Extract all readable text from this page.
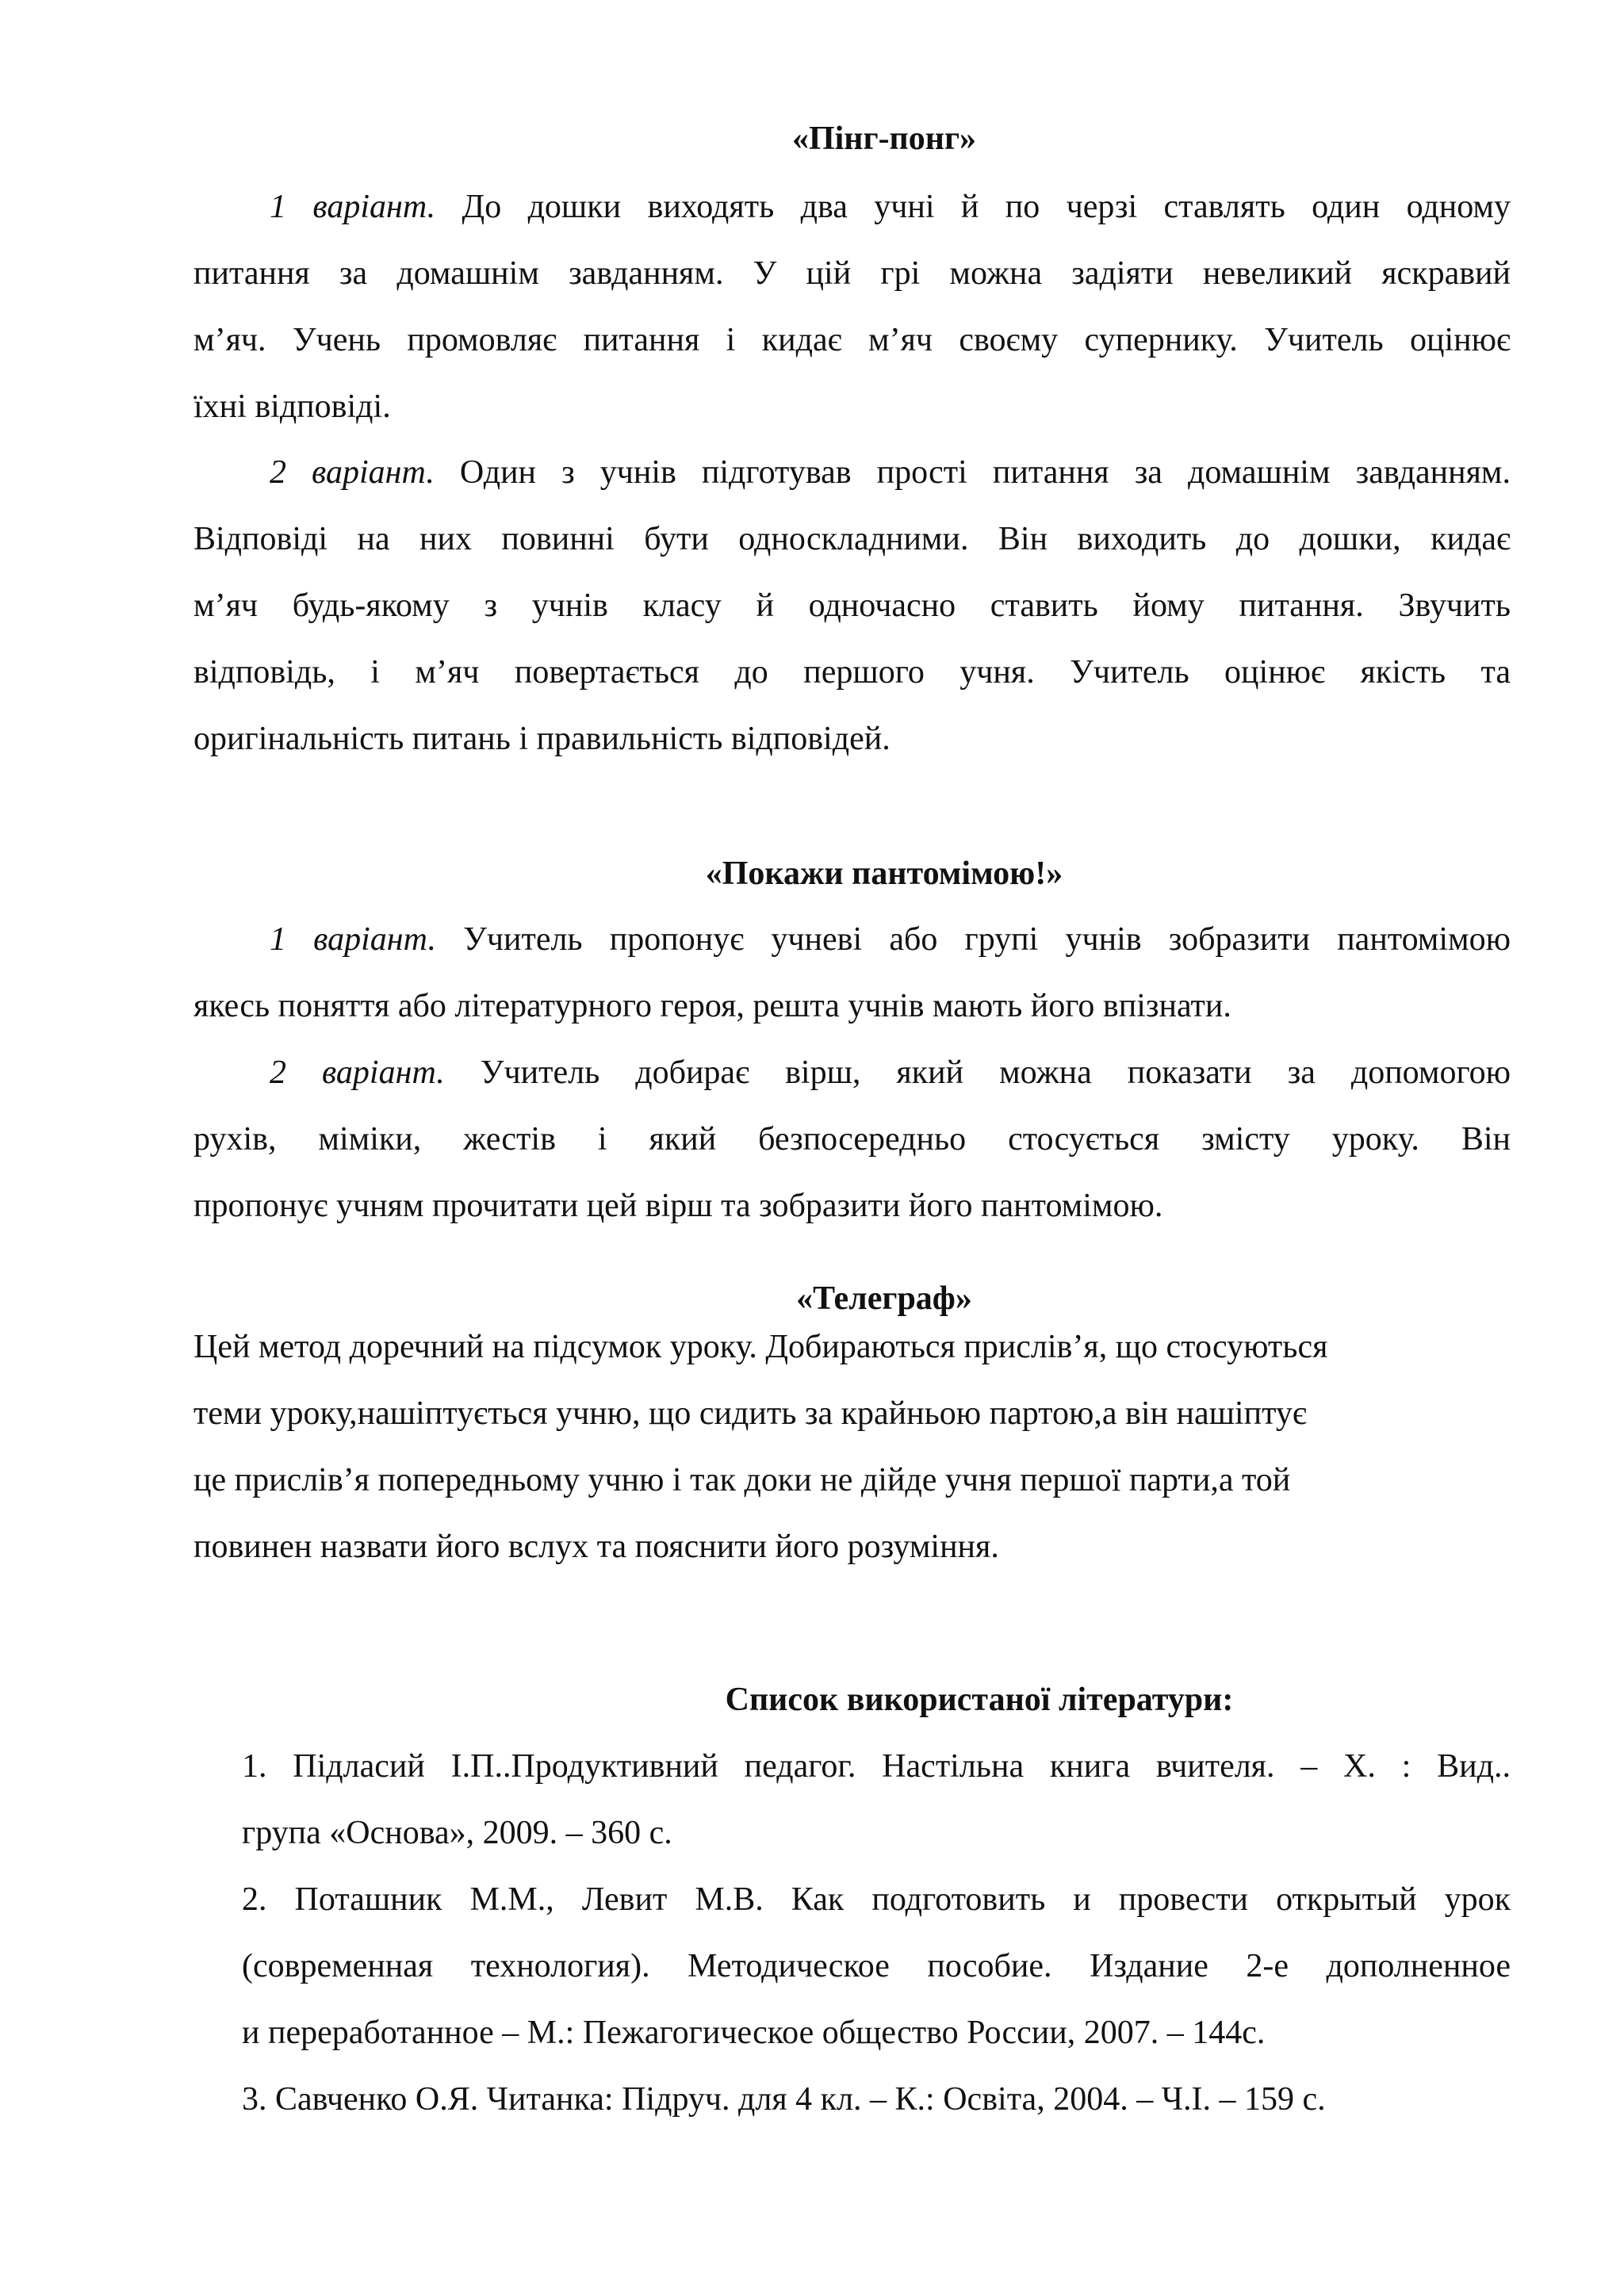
«Пінг-понг»

1 варіант. До дошки виходять два учні й по черзі ставлять один одному

питання за домашнім завданням. У цій грі можна задіяти невеликий яскравий

м’яч. Учень промовляє питання і кидає м’яч своєму супернику. Учитель оцінює

їхні відповіді.

2 варіант. Один з учнів підготував прості питання за домашнім завданням.

Відповіді на них повинні бути односкладними. Він виходить до дошки, кидає

м’яч будь-якому з учнів класу й одночасно ставить йому питання. Звучить

відповідь, і м’яч повертається до першого учня. Учитель оцінює якість та

оригінальність питань і правильність відповідей.

«Покажи пантомімою!»

1 варіант. Учитель пропонує учневі або групі учнів зобразити пантомімою

якесь поняття або літературного героя, решта учнів мають його впізнати.

2 варіант. Учитель добирає вірш, який можна показати за допомогою

рухів, міміки, жестів і який безпосередньо стосується змісту уроку. Він

пропонує учням прочитати цей вірш та зобразити його пантомімою.

«Телеграф»

Цей метод доречний на підсумок уроку. Добираються прислів’я, що стосуються

теми уроку,нашіптується учню, що сидить за крайньою партою,а він нашіптує

це прислів’я попередньому учню і так доки не дійде учня першої парти,а той

повинен назвати його вслух та пояснити його розуміння.

Список використаної літератури:

1. Підласий І.П..Продуктивний педагог. Настільна книга вчителя. – Х. : Вид..

група «Основа», 2009. – 360 с.

2. Поташник М.М., Левит М.В. Как подготовить и провести открытый урок

(современная технология). Методическое пособие. Издание 2-е дополненное

и переработанное – М.: Пежагогическое общество России, 2007. – 144с.

3. Савченко О.Я. Читанка: Підруч. для 4 кл. – К.: Освіта, 2004. – Ч.І. – 159 с.
